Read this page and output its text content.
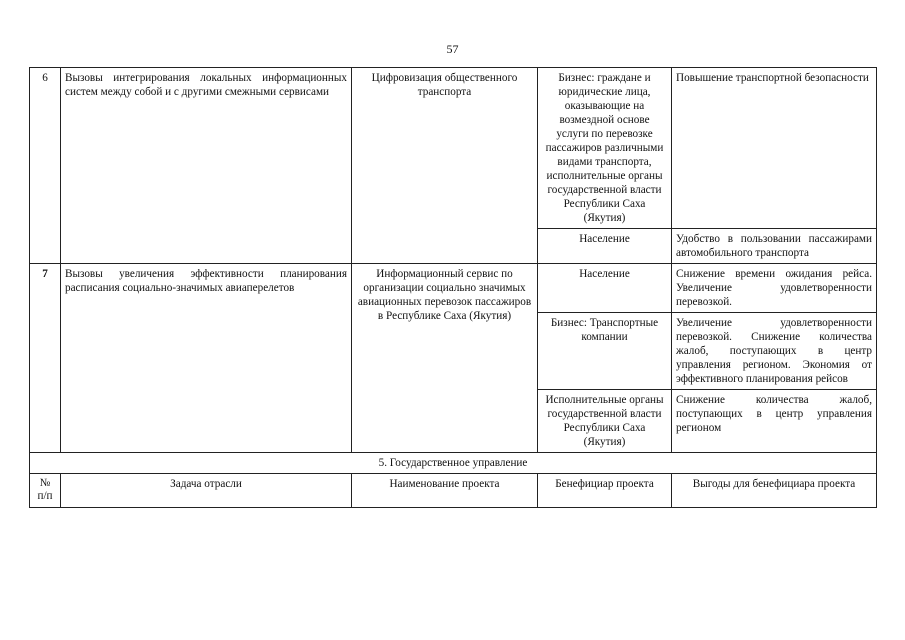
57
6	Вызовы интегрирования локальных информационных систем между собой и с другими смежными сервисами	Цифровизация общественного транспорта	Бизнес: граждане и юридические лица, оказывающие на возмездной основе услуги по перевозке пассажиров различными видами транспорта, исполнительные органы государственной власти Республики Саха (Якутия)	Повышение транспортной безопасности
			Население	Удобство в пользовании пассажирами автомобильного транспорта
7	Вызовы увеличения эффективности планирования расписания социально-значимых авиаперелетов	Информационный сервис по организации социально значимых авиационных перевозок пассажиров в Республике Саха (Якутия)	Население	Снижение времени ожидания рейса. Увеличение удовлетворенности перевозкой.
			Бизнес: Транспортные компании	Увеличение удовлетворенности перевозкой. Снижение количества жалоб, поступающих в центр управления регионом. Экономия от эффективного планирования рейсов
			Исполнительные органы государственной власти Республики Саха (Якутия)	Снижение количества жалоб, поступающих в центр управления регионом
5. Государственное управление				
№ п/п	Задача отрасли	Наименование проекта	Бенефициар проекта	Выгоды для бенефициара проекта
